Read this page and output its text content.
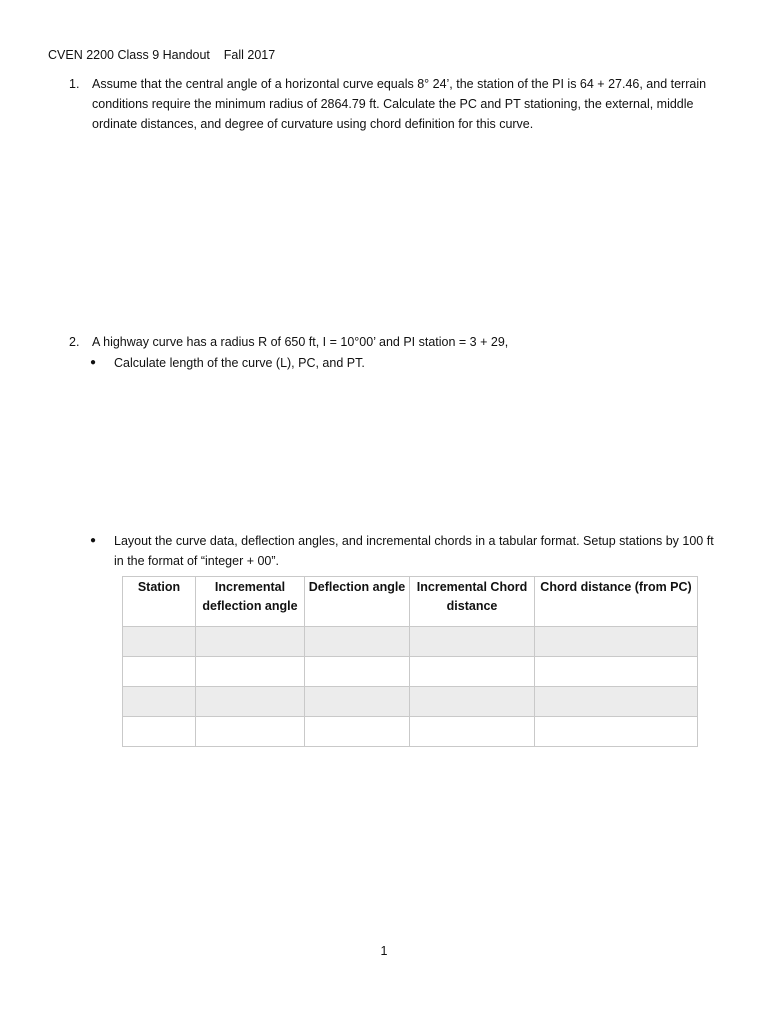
CVEN 2200 Class 9 Handout    Fall 2017
1. Assume that the central angle of a horizontal curve equals 8° 24’, the station of the PI is 64 + 27.46, and terrain conditions require the minimum radius of 2864.79 ft. Calculate the PC and PT stationing, the external, middle ordinate distances, and degree of curvature using chord definition for this curve.
2. A highway curve has a radius R of 650 ft, I = 10°00’ and PI station = 3 + 29,
● Calculate length of the curve (L), PC, and PT.
● Layout the curve data, deflection angles, and incremental chords in a tabular format. Setup stations by 100 ft in the format of “integer + 00”.
Station	Incremental deflection angle	Deflection angle	Incremental Chord distance	Chord distance (from PC)

1
